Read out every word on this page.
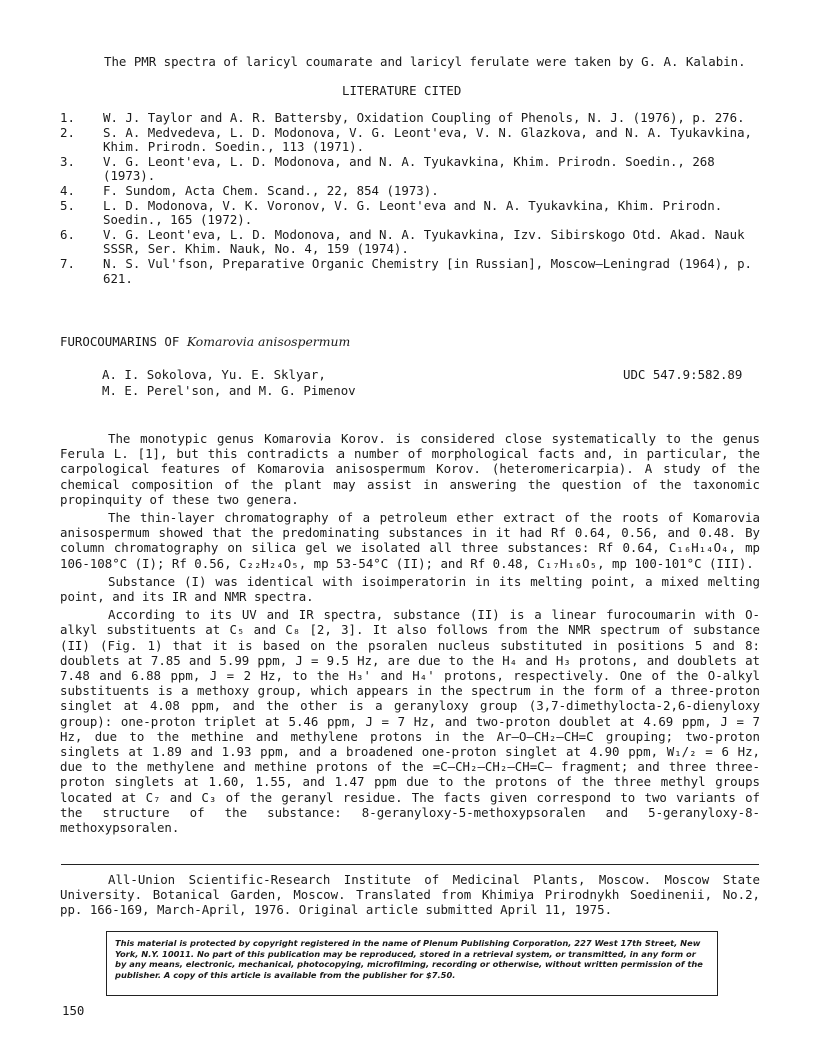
The PMR spectra of laricyl coumarate and laricyl ferulate were taken by G. A. Kalabin.
LITERATURE CITED
1.	W. J. Taylor and A. R. Battersby, Oxidation Coupling of Phenols, N. J. (1976), p. 276.
2.	S. A. Medvedeva, L. D. Modonova, V. G. Leont'eva, V. N. Glazkova, and N. A. Tyukavkina, Khim. Prirodn. Soedin., 113 (1971).
3.	V. G. Leont'eva, L. D. Modonova, and N. A. Tyukavkina, Khim. Prirodn. Soedin., 268 (1973).
4.	F. Sundom, Acta Chem. Scand., 22, 854 (1973).
5.	L. D. Modonova, V. K. Voronov, V. G. Leont'eva and N. A. Tyukavkina, Khim. Prirodn. Soedin., 165 (1972).
6.	V. G. Leont'eva, L. D. Modonova, and N. A. Tyukavkina, Izv. Sibirskogo Otd. Akad. Nauk SSSR, Ser. Khim. Nauk, No. 4, 159 (1974).
7.	N. S. Vul'fson, Preparative Organic Chemistry [in Russian], Moscow—Leningrad (1964), p. 621.
FUROCOUMARINS OF Komarovia anisospermum
A. I. Sokolova, Yu. E. Sklyar,
M. E. Perel'son, and M. G. Pimenov
UDC 547.9:582.89

The monotypic genus Komarovia Korov. is considered close systematically to the genus Ferula L. [1], but this contradicts a number of morphological facts and, in particular, the carpological features of Komarovia anisospermum Korov. (heteromericarpia). A study of the chemical composition of the plant may assist in answering the question of the taxonomic propinquity of these two genera.

The thin-layer chromatography of a petroleum ether extract of the roots of Komarovia anisospermum showed that the predominating substances in it had Rf 0.64, 0.56, and 0.48. By column chromatography on silica gel we isolated all three substances: Rf 0.64, C₁₆H₁₄O₄, mp 106-108°C (I); Rf 0.56, C₂₂H₂₄O₅, mp 53-54°C (II); and Rf 0.48, C₁₇H₁₆O₅, mp 100-101°C (III).

Substance (I) was identical with isoimperatorin in its melting point, a mixed melting point, and its IR and NMR spectra.

According to its UV and IR spectra, substance (II) is a linear furocoumarin with O-alkyl substituents at C₅ and C₈ [2, 3]. It also follows from the NMR spectrum of substance (II) (Fig. 1) that it is based on the psoralen nucleus substituted in positions 5 and 8: doublets at 7.85 and 5.99 ppm, J = 9.5 Hz, are due to the H₄ and H₃ protons, and doublets at 7.48 and 6.88 ppm, J = 2 Hz, to the H₃' and H₄' protons, respectively. One of the O-alkyl substituents is a methoxy group, which appears in the spectrum in the form of a three-proton singlet at 4.08 ppm, and the other is a geranyloxy group (3,7-dimethylocta-2,6-dienyloxy group): one-proton triplet at 5.46 ppm, J = 7 Hz, and two-proton doublet at 4.69 ppm, J = 7 Hz, due to the methine and methylene protons in the Ar—O—CH₂—CH=C grouping; two-proton singlets at 1.89 and 1.93 ppm, and a broadened one-proton singlet at 4.90 ppm, W₁/₂ = 6 Hz, due to the methylene and methine protons of the =C—CH₂—CH₂—CH=C— fragment; and three three-proton singlets at 1.60, 1.55, and 1.47 ppm due to the protons of the three methyl groups located at C₇ and C₃ of the geranyl residue. The facts given correspond to two variants of the structure of the substance: 8-geranyloxy-5-methoxypsoralen and 5-geranyloxy-8-methoxypsoralen.

All-Union Scientific-Research Institute of Medicinal Plants, Moscow. Moscow State University. Botanical Garden, Moscow. Translated from Khimiya Prirodnykh Soedinenii, No.2, pp. 166-169, March-April, 1976. Original article submitted April 11, 1975.

This material is protected by copyright registered in the name of Plenum Publishing Corporation, 227 West 17th Street, New York, N.Y. 10011. No part of this publication may be reproduced, stored in a retrieval system, or transmitted, in any form or by any means, electronic, mechanical, photocopying, microfilming, recording or otherwise, without written permission of the publisher. A copy of this article is available from the publisher for $7.50.
150
